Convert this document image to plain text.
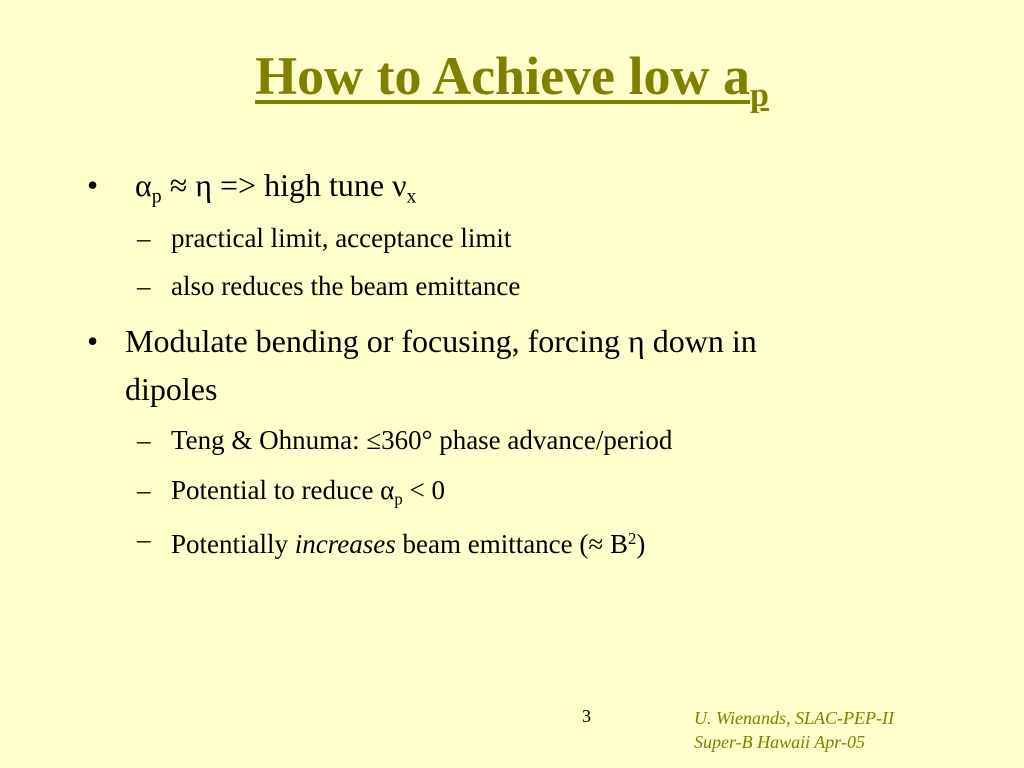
How to Achieve low $a_p$
• $\alpha_p \approx \eta$ => high tune $\nu_x$
– practical limit, acceptance limit
– also reduces the beam emittance
• Modulate bending or focusing, forcing η down in
dipoles
– Teng & Ohnuma: ≤360° phase advance/period
– Potential to reduce $\alpha_p < 0$
– Potentially increases beam emittance (≈ $B^2$)
3	U. Wienands, SLAC-PEP-II
Super-B Hawaii Apr-05
